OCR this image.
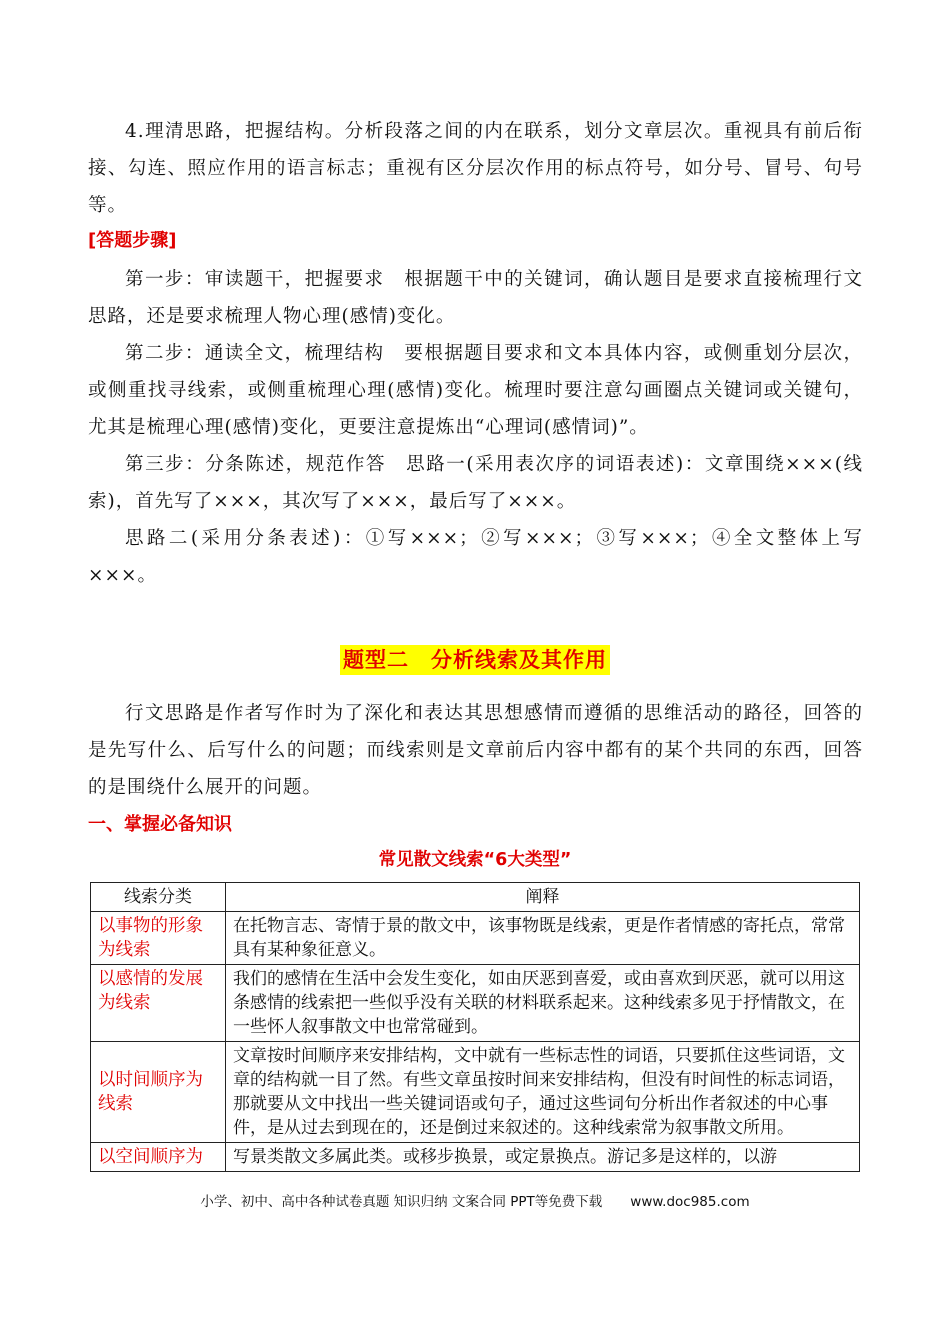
4.理清思路，把握结构。分析段落之间的内在联系，划分文章层次。重视具有前后衔接、勾连、照应作用的语言标志；重视有区分层次作用的标点符号，如分号、冒号、句号等。

[答题步骤]

第一步：审读题干，把握要求　根据题干中的关键词，确认题目是要求直接梳理行文思路，还是要求梳理人物心理(感情)变化。

第二步：通读全文，梳理结构　要根据题目要求和文本具体内容，或侧重划分层次，或侧重找寻线索，或侧重梳理心理(感情)变化。梳理时要注意勾画圈点关键词或关键句，尤其是梳理心理(感情)变化，更要注意提炼出“心理词(感情词)”。

第三步：分条陈述，规范作答　思路一(采用表次序的词语表述)：文章围绕×××(线索)，首先写了×××，其次写了×××，最后写了×××。

思路二(采用分条表述)：①写×××；②写×××；③写×××；④全文整体上写×××。

题型二　分析线索及其作用

行文思路是作者写作时为了深化和表达其思想感情而遵循的思维活动的路径，回答的是先写什么、后写什么的问题；而线索则是文章前后内容中都有的某个共同的东西，回答的是围绕什么展开的问题。

一、掌握必备知识
常见散文线索“6大类型”
线索分类	阐释
以事物的形象为线索	在托物言志、寄情于景的散文中，该事物既是线索，更是作者情感的寄托点，常常具有某种象征意义。
以感情的发展为线索	我们的感情在生活中会发生变化，如由厌恶到喜爱，或由喜欢到厌恶，就可以用这条感情的线索把一些似乎没有关联的材料联系起来。这种线索多见于抒情散文，在一些怀人叙事散文中也常常碰到。
以时间顺序为线索	文章按时间顺序来安排结构，文中就有一些标志性的词语，只要抓住这些词语，文章的结构就一目了然。有些文章虽按时间来安排结构，但没有时间性的标志词语，那就要从文中找出一些关键词语或句子，通过这些词句分析出作者叙述的中心事件，是从过去到现在的，还是倒过来叙述的。这种线索常为叙事散文所用。
以空间顺序为	写景类散文多属此类。或移步换景，或定景换点。游记多是这样的，以游
小学、初中、高中各种试卷真题 知识归纳 文案合同 PPT等免费下载 www.doc985.com
